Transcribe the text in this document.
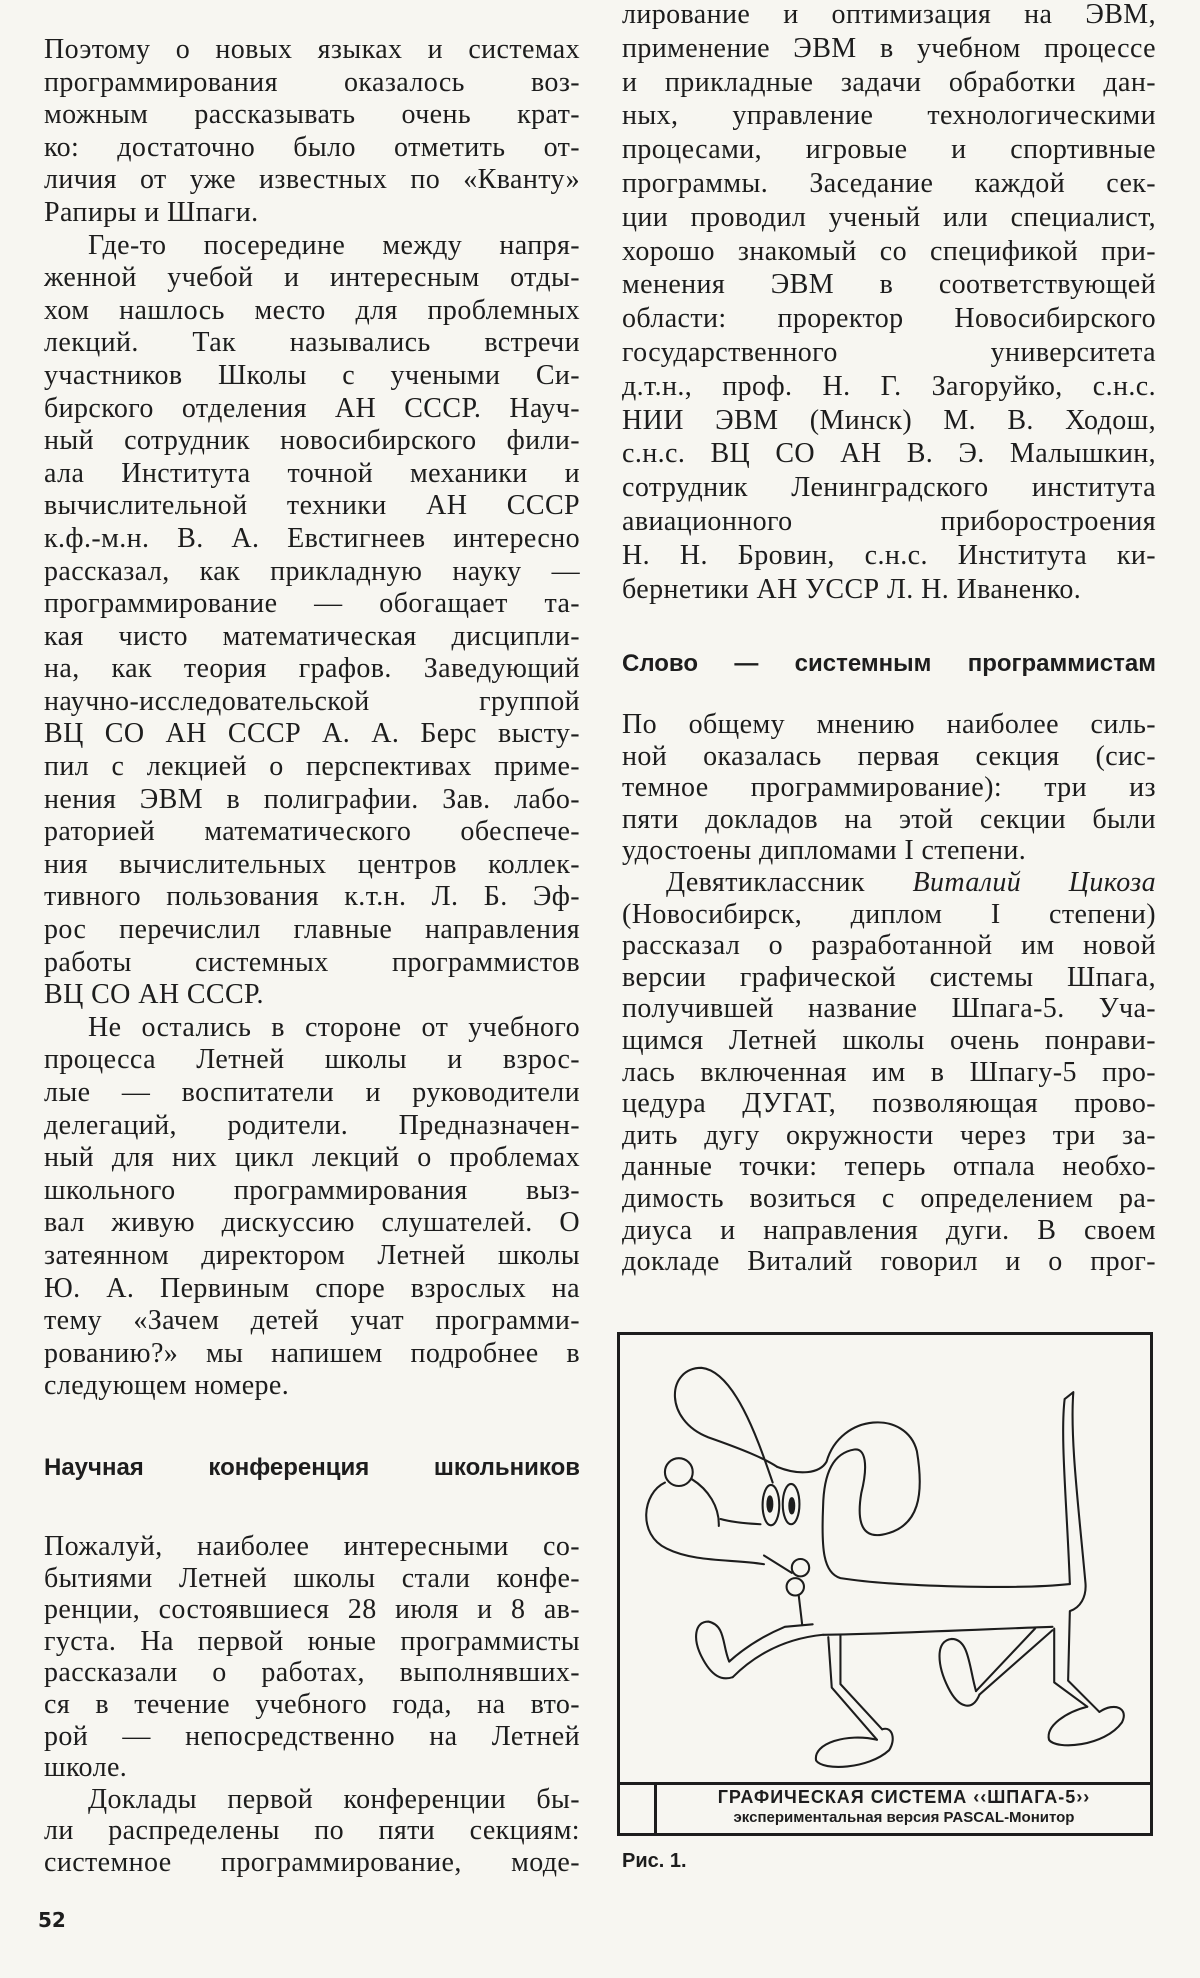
Поэтому о новых языках и системах
программирования оказалось воз-
можным рассказывать очень крат-
ко: достаточно было отметить от-
личия от уже известных по «Кванту»
Рапиры и Шпаги.
Где-то посередине между напря-
женной учебой и интересным отды-
хом нашлось место для проблемных
лекций. Так назывались встречи
участников Школы с учеными Си-
бирского отделения АН СССР. Науч-
ный сотрудник новосибирского фили-
ала Института точной механики и
вычислительной техники АН СССР
к.ф.-м.н. В. А. Евстигнеев интересно
рассказал, как прикладную науку —
программирование — обогащает та-
кая чисто математическая дисципли-
на, как теория графов. Заведующий
научно-исследовательской группой
ВЦ СО АН СССР А. А. Берс высту-
пил с лекцией о перспективах приме-
нения ЭВМ в полиграфии. Зав. лабо-
раторией математического обеспече-
ния вычислительных центров коллек-
тивного пользования к.т.н. Л. Б. Эф-
рос перечислил главные направления
работы системных программистов
ВЦ СО АН СССР.
Не остались в стороне от учебного
процесса Летней школы и взрос-
лые — воспитатели и руководители
делегаций, родители. Предназначен-
ный для них цикл лекций о проблемах
школьного программирования выз-
вал живую дискуссию слушателей. О
затеянном директором Летней школы
Ю. А. Первиным споре взрослых на
тему «Зачем детей учат программи-
рованию?» мы напишем подробнее в
следующем номере.
Научная конференция школьников
Пожалуй, наиболее интересными со-
бытиями Летней школы стали конфе-
ренции, состоявшиеся 28 июля и 8 ав-
густа. На первой юные программисты
рассказали о работах, выполнявших-
ся в течение учебного года, на вто-
рой — непосредственно на Летней
школе.
Доклады первой конференции бы-
ли распределены по пяти секциям:
системное программирование, моде-
лирование и оптимизация на ЭВМ,
применение ЭВМ в учебном процессе
и прикладные задачи обработки дан-
ных, управление технологическими
процесами, игровые и спортивные
программы. Заседание каждой сек-
ции проводил ученый или специалист,
хорошо знакомый со спецификой при-
менения ЭВМ в соответствующей
области: проректор Новосибирского
государственного университета
д.т.н., проф. Н. Г. Загоруйко, с.н.с.
НИИ ЭВМ (Минск) М. В. Ходош,
с.н.с. ВЦ СО АН В. Э. Малышкин,
сотрудник Ленинградского института
авиационного приборостроения
Н. Н. Бровин, с.н.с. Института ки-
бернетики АН УССР Л. Н. Иваненко.
Слово — системным программистам
По общему мнению наиболее силь-
ной оказалась первая секция (сис-
темное программирование): три из
пяти докладов на этой секции были
удостоены дипломами I степени.
Девятиклассник Виталий Цикоза
(Новосибирск, диплом I степени)
рассказал о разработанной им новой
версии графической системы Шпага,
получившей название Шпага-5. Уча-
щимся Летней школы очень понрави-
лась включенная им в Шпагу-5 про-
цедура ДУГАТ, позволяющая прово-
дить дугу окружности через три за-
данные точки: теперь отпала необхо-
димость возиться с определением ра-
диуса и направления дуги. В своем
докладе Виталий говорил и о прог-
ГРАФИЧЕСКАЯ СИСТЕМА ‹‹ШПАГА-5››
экспериментальная версия PASCAL-Монитор
Рис. 1.
52
